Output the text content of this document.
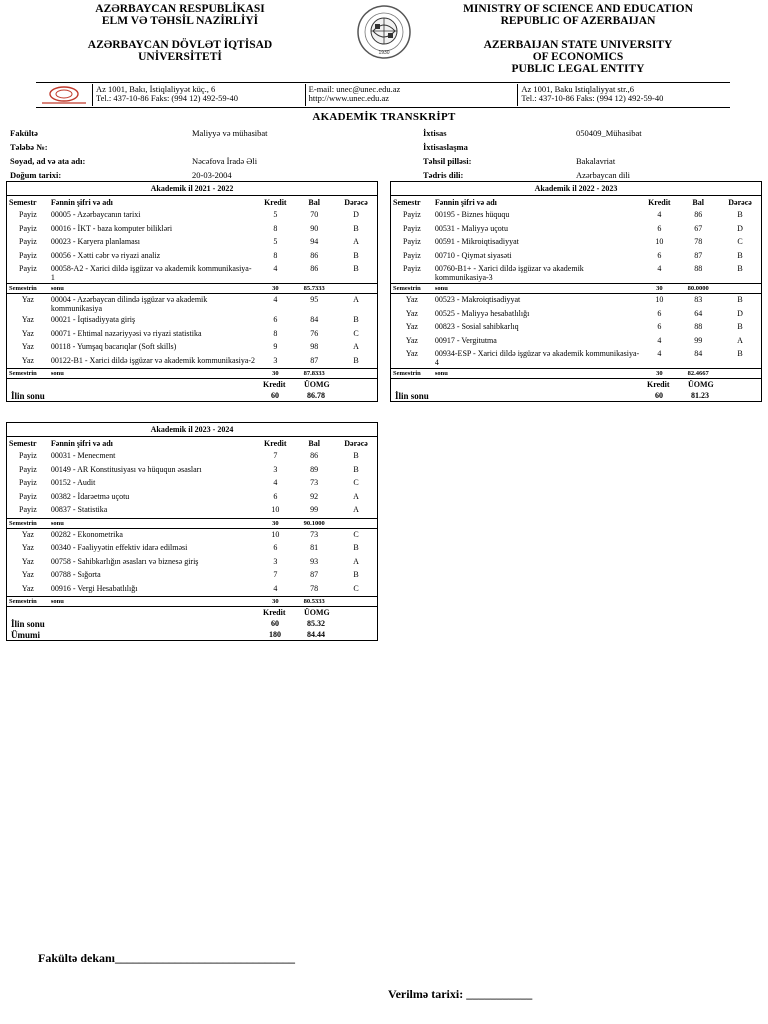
AZƏRBAYCAN RESPUBLİKASI
ELM VƏ TƏHSİL NAZİRLİYİ
AZƏRBAYCAN DÖVLƏT İQTİSAD
UNİVERSİTETİ	1930
MINISTRY OF SCIENCE AND EDUCATION
REPUBLIC OF AZERBAIJAN
AZERBAIJAN STATE UNIVERSITY
OF ECONOMICS
PUBLIC LEGAL ENTITY
Az 1001, Bakı, İstiqlaliyyət küç., 6
Tel.: 437-10-86 Faks: (994 12) 492-59-40
E-mail: unec@unec.edu.az
http://www.unec.edu.az
Az 1001, Baku Istiqlaliyyat str.,6
Tel.: 437-10-86 Faks: (994 12) 492-59-40
AKADEMİK TRANSKRİPT
Fakültə	Maliyyə və mühasibat
Tələbə №:
Soyad, ad və ata adı:	Nəcəfova İradə Əli
Doğum tarixi:	20-03-2004
İxtisas	050409_Mühasibat
İxtisaslaşma
Təhsil pilləsi:	Bakalavriat
Tədris dili:	Azərbaycan dili
Akademik il 2021 - 2022
Semestr	Fənnin şifri və adı	Kredit	Bal	Dərəcə
Payiz	00005 - Azərbaycanın tarixi	5	70	D
Payiz	00016 - İKT - baza komputer bilikləri	8	90	B
Payiz	00023 - Karyera planlaması	5	94	A
Payiz	00056 - Xətti cəbr və riyazi analiz	8	86	B
Payiz	00058-A2 - Xarici dildə işgüzar və akademik kommunikasiya-1	4	86	B
Semestrin	sonu	30	85.7333	
Yaz	00004 - Azərbaycan dilində işgüzar və akademik kommunikasiya	4	95	A
Yaz	00021 - İqtisadiyyata giriş	6	84	B
Yaz	00071 - Ehtimal nəzəriyyəsi və riyazi statistika	8	76	C
Yaz	00118 - Yumşaq bacarıqlar (Soft skills)	9	98	A
Yaz	00122-B1 - Xarici dildə işgüzar və akademik kommunikasiya-2	3	87	B
Semestrin	sonu	30	87.8333	
Kredit ÜOMG
İlin sonu	60	86.78
Akademik il 2022 - 2023
Semestr	Fənnin şifri və adı	Kredit	Bal	Dərəcə
Payiz	00195 - Biznes hüququ	4	86	B
Payiz	00531 - Maliyyə uçotu	6	67	D
Payiz	00591 - Mikroiqtisadiyyat	10	78	C
Payiz	00710 - Qiymət siyasəti	6	87	B
Payiz	00760-B1+ - Xarici dildə işgüzar və akademik kommunikasiya-3	4	88	B
Semestrin	sonu	30	80.0000	
Yaz	00523 - Makroiqtisadiyyat	10	83	B
Yaz	00525 - Maliyyə hesabatlılığı	6	64	D
Yaz	00823 - Sosial sahibkarlıq	6	88	B
Yaz	00917 - Vergitutma	4	99	A
Yaz	00934-ESP - Xarici dildə işgüzar və akademik kommunikasiya-4	4	84	B
Semestrin	sonu	30	82.4667	
Kredit ÜOMG
İlin sonu	60	81.23
Akademik il 2023 - 2024
Semestr	Fənnin şifri və adı	Kredit	Bal	Dərəcə
Payiz	00031 - Menecment	7	86	B
Payiz	00149 - AR Konstitusiyası və hüququn əsasları	3	89	B
Payiz	00152 - Audit	4	73	C
Payiz	00382 - İdarəetmə uçotu	6	92	A
Payiz	00837 - Statistika	10	99	A
Semestrin	sonu	30	90.1000	
Yaz	00282 - Ekonometrika	10	73	C
Yaz	00340 - Fəaliyyətin effektiv idarə edilməsi	6	81	B
Yaz	00758 - Sahibkarlığın əsasları və biznesə giriş	3	93	A
Yaz	00788 - Sığorta	7	87	B
Yaz	00916 - Vergi Hesabatlılığı	4	78	C
Semestrin	sonu	30	80.5333	
Kredit ÜOMG
İlin sonu	60	85.32
Ümumi	180	84.44
Fakültə dekanı______________________________
Verilmə tarixi: ___________
